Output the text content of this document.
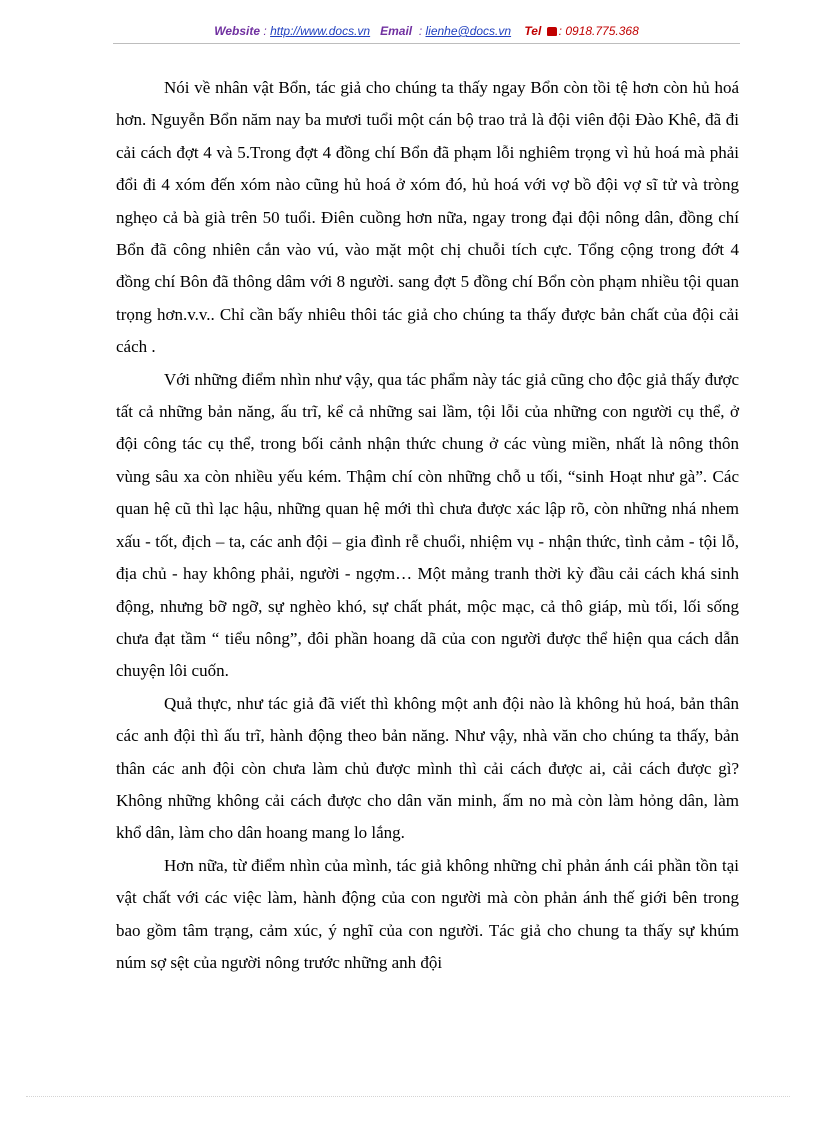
Website : http://www.docs.vn Email : lienhe@docs.vn Tel : 0918.775.368

Nói về nhân vật Bổn, tác giả cho chúng ta thấy ngay Bổn còn tồi tệ hơn còn hủ hoá hơn. Nguyễn Bổn năm nay ba mươi tuổi một cán bộ trao trả là đội viên đội Đào Khê, đã đi cải cách đợt 4 và 5.Trong đợt 4 đồng chí Bổn đã phạm lỗi nghiêm trọng vì hủ hoá mà phải đổi đi 4 xóm đến xóm nào cũng hủ hoá ở xóm đó, hủ hoá với vợ bồ đội vợ sĩ tử và tròng nghẹo cả bà già trên 50 tuổi. Điên cuồng hơn nữa, ngay trong đại đội nông dân, đồng chí Bổn đã công nhiên cắn vào vú, vào mặt một chị chuỗi tích cực. Tổng cộng trong đớt 4 đồng chí Bôn đã thông dâm với 8 người. sang đợt 5 đồng chí Bổn còn phạm nhiều tội quan trọng hơn.v.v.. Chỉ cần bấy nhiêu thôi tác giả cho chúng ta thấy được bản chất của đội cải cách .

Với những điểm nhìn như vậy, qua tác phẩm này tác giả cũng cho độc giả thấy được tất cả những bản năng, ấu trĩ, kể cả những sai lầm, tội lỗi của những con người cụ thể, ở đội công tác cụ thể, trong bối cảnh nhận thức chung ở các vùng miền, nhất là nông thôn vùng sâu xa còn nhiều yếu kém. Thậm chí còn những chỗ u tối, “sinh Hoạt như gà”. Các quan hệ cũ thì lạc hậu, những quan hệ mới thì chưa được xác lập rõ, còn những nhá nhem xấu - tốt, địch – ta, các anh đội – gia đình rễ chuổi, nhiệm vụ - nhận thức, tình cảm - tội lỗ, địa chủ - hay không phải, người - ngợm… Một mảng tranh thời kỳ đầu cải cách khá sinh động, nhưng bỡ ngỡ, sự nghèo khó, sự chất phát, mộc mạc, cả thô giáp, mù tối, lối sống chưa đạt tầm “ tiểu nông”, đôi phần hoang dã của con người được thể hiện qua cách dẫn chuyện lôi cuốn.

Quả thực, như tác giả đã viết thì không một anh đội nào là không hủ hoá, bản thân các anh đội thì ấu trĩ, hành động theo bản năng. Như vậy, nhà văn cho chúng ta thấy, bản thân các anh đội còn chưa làm chủ được mình thì cải cách được ai, cải cách được gì? Không những không cải cách được cho dân văn minh, ấm no mà còn làm hỏng dân, làm khổ dân, làm cho dân hoang mang lo lắng.

Hơn nữa, từ điểm nhìn của mình, tác giả không những chỉ phản ánh cái phần tồn tại vật chất với các việc làm, hành động của con người mà còn phản ánh thế giới bên trong bao gồm tâm trạng, cảm xúc, ý nghĩ của con người. Tác giả cho chung ta thấy sự khúm núm sợ sệt của người nông trước những anh đội
